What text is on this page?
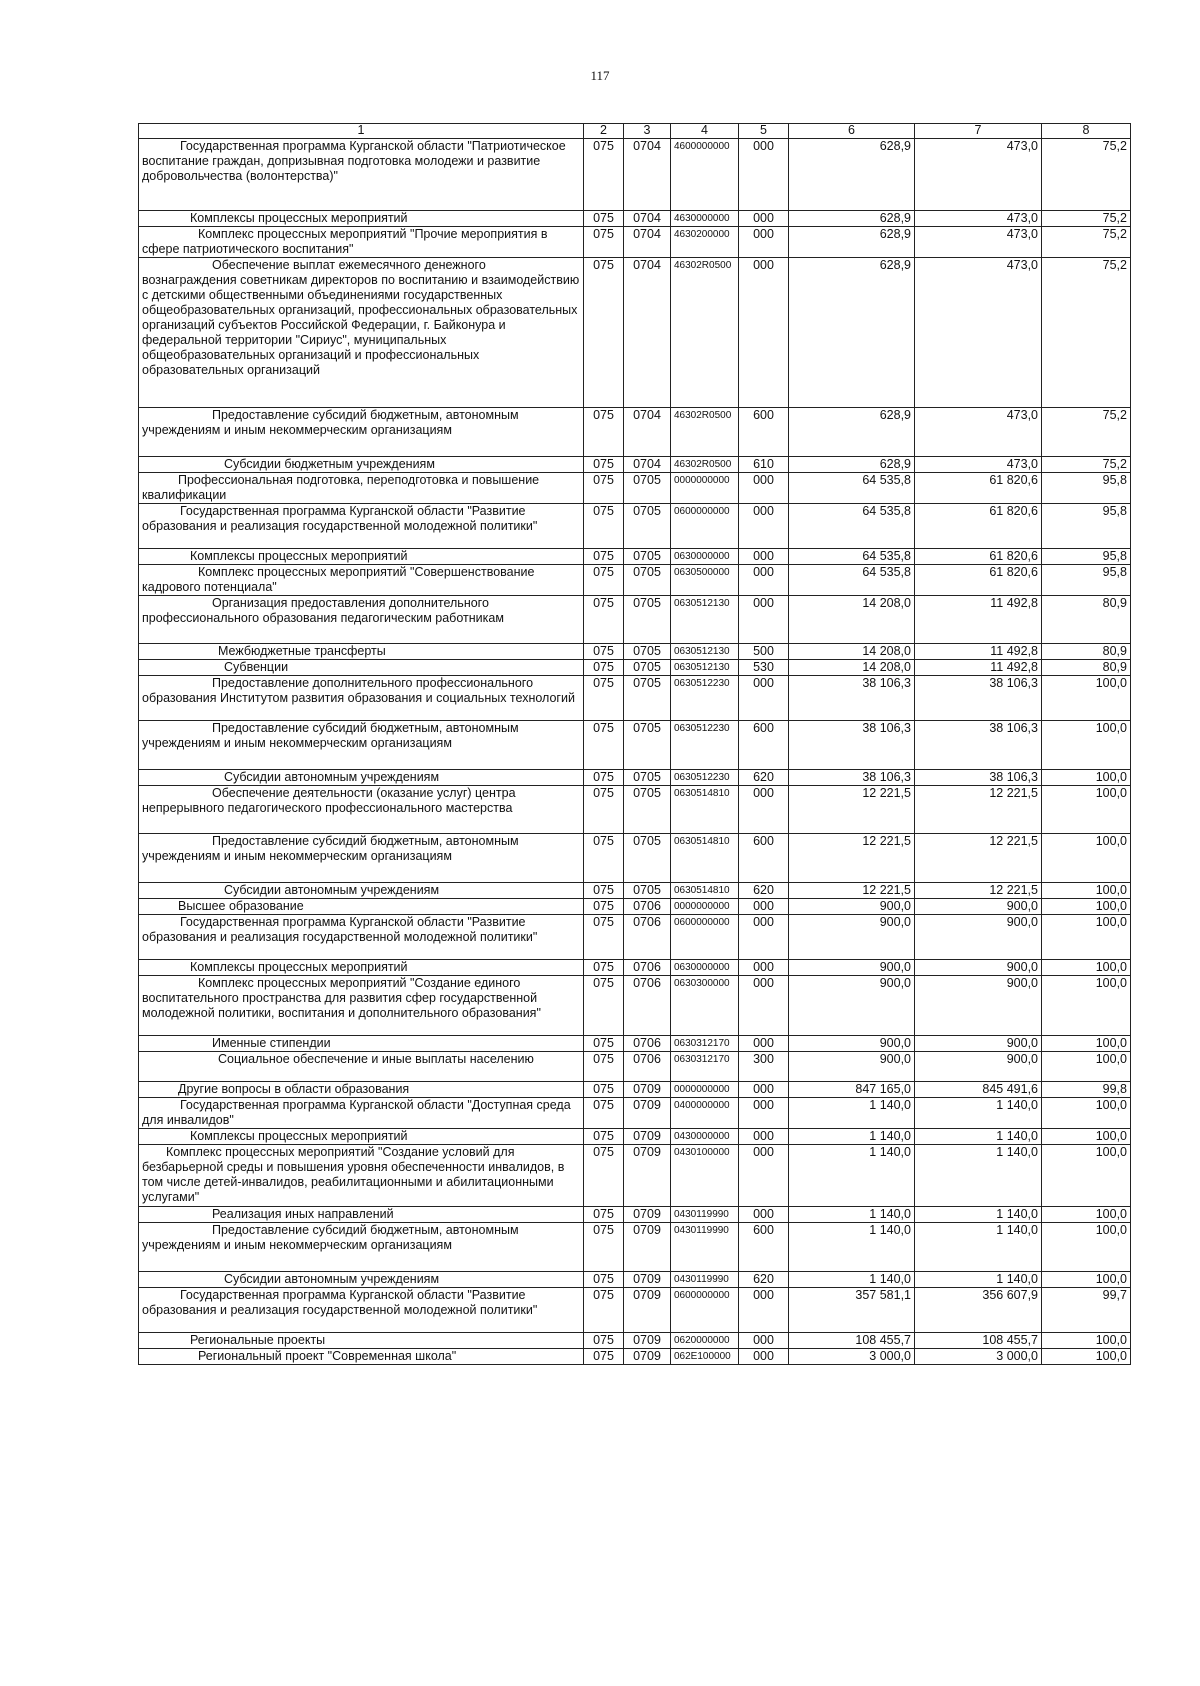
117
1	2	3	4	5	6	7	8
Государственная программа Курганской области "Патриотическое воспитание граждан, допризывная подготовка молодежи и развитие добровольчества (волонтерства)"	075	0704	4600000000	000	628,9	473,0	75,2
Комплексы процессных мероприятий	075	0704	4630000000	000	628,9	473,0	75,2
Комплекс процессных мероприятий "Прочие мероприятия в сфере патриотического воспитания"	075	0704	4630200000	000	628,9	473,0	75,2
Обеспечение выплат ежемесячного денежного вознаграждения советникам директоров по воспитанию и взаимодействию с детскими общественными объединениями государственных общеобразовательных организаций, профессиональных образовательных организаций субъектов Российской Федерации, г. Байконура и федеральной территории "Сириус", муниципальных общеобразовательных организаций и профессиональных образовательных организаций	075	0704	46302R0500	000	628,9	473,0	75,2
Предоставление субсидий бюджетным, автономным учреждениям и иным некоммерческим организациям	075	0704	46302R0500	600	628,9	473,0	75,2
Субсидии бюджетным учреждениям	075	0704	46302R0500	610	628,9	473,0	75,2
Профессиональная подготовка, переподготовка и повышение квалификации	075	0705	0000000000	000	64 535,8	61 820,6	95,8
Государственная программа Курганской области "Развитие образования и реализация государственной молодежной политики"	075	0705	0600000000	000	64 535,8	61 820,6	95,8
Комплексы процессных мероприятий	075	0705	0630000000	000	64 535,8	61 820,6	95,8
Комплекс процессных мероприятий "Совершенствование кадрового потенциала"	075	0705	0630500000	000	64 535,8	61 820,6	95,8
Организация предоставления дополнительного профессионального образования педагогическим работникам	075	0705	0630512130	000	14 208,0	11 492,8	80,9
Межбюджетные трансферты	075	0705	0630512130	500	14 208,0	11 492,8	80,9
Субвенции	075	0705	0630512130	530	14 208,0	11 492,8	80,9
Предоставление дополнительного профессионального образования Институтом развития образования и социальных технологий	075	0705	0630512230	000	38 106,3	38 106,3	100,0
Предоставление субсидий бюджетным, автономным учреждениям и иным некоммерческим организациям	075	0705	0630512230	600	38 106,3	38 106,3	100,0
Субсидии автономным учреждениям	075	0705	0630512230	620	38 106,3	38 106,3	100,0
Обеспечение деятельности (оказание услуг) центра непрерывного педагогического профессионального мастерства	075	0705	0630514810	000	12 221,5	12 221,5	100,0
Предоставление субсидий бюджетным, автономным учреждениям и иным некоммерческим организациям	075	0705	0630514810	600	12 221,5	12 221,5	100,0
Субсидии автономным учреждениям	075	0705	0630514810	620	12 221,5	12 221,5	100,0
Высшее образование	075	0706	0000000000	000	900,0	900,0	100,0
Государственная программа Курганской области "Развитие образования и реализация государственной молодежной политики"	075	0706	0600000000	000	900,0	900,0	100,0
Комплексы процессных мероприятий	075	0706	0630000000	000	900,0	900,0	100,0
Комплекс процессных мероприятий "Создание единого воспитательного пространства для развития сфер государственной молодежной политики, воспитания и дополнительного образования"	075	0706	0630300000	000	900,0	900,0	100,0
Именные стипендии	075	0706	0630312170	000	900,0	900,0	100,0
Социальное обеспечение и иные выплаты населению	075	0706	0630312170	300	900,0	900,0	100,0
Другие вопросы в области образования	075	0709	0000000000	000	847 165,0	845 491,6	99,8
Государственная программа Курганской области "Доступная среда для инвалидов"	075	0709	0400000000	000	1 140,0	1 140,0	100,0
Комплексы процессных мероприятий	075	0709	0430000000	000	1 140,0	1 140,0	100,0
Комплекс процессных мероприятий "Создание условий для безбарьерной среды и повышения уровня обеспеченности инвалидов, в том числе детей-инвалидов, реабилитационными и абилитационными услугами"	075	0709	0430100000	000	1 140,0	1 140,0	100,0
Реализация иных направлений	075	0709	0430119990	000	1 140,0	1 140,0	100,0
Предоставление субсидий бюджетным, автономным учреждениям и иным некоммерческим организациям	075	0709	0430119990	600	1 140,0	1 140,0	100,0
Субсидии автономным учреждениям	075	0709	0430119990	620	1 140,0	1 140,0	100,0
Государственная программа Курганской области "Развитие образования и реализация государственной молодежной политики"	075	0709	0600000000	000	357 581,1	356 607,9	99,7
Региональные проекты	075	0709	0620000000	000	108 455,7	108 455,7	100,0
Региональный проект "Современная школа"	075	0709	062E100000	000	3 000,0	3 000,0	100,0
